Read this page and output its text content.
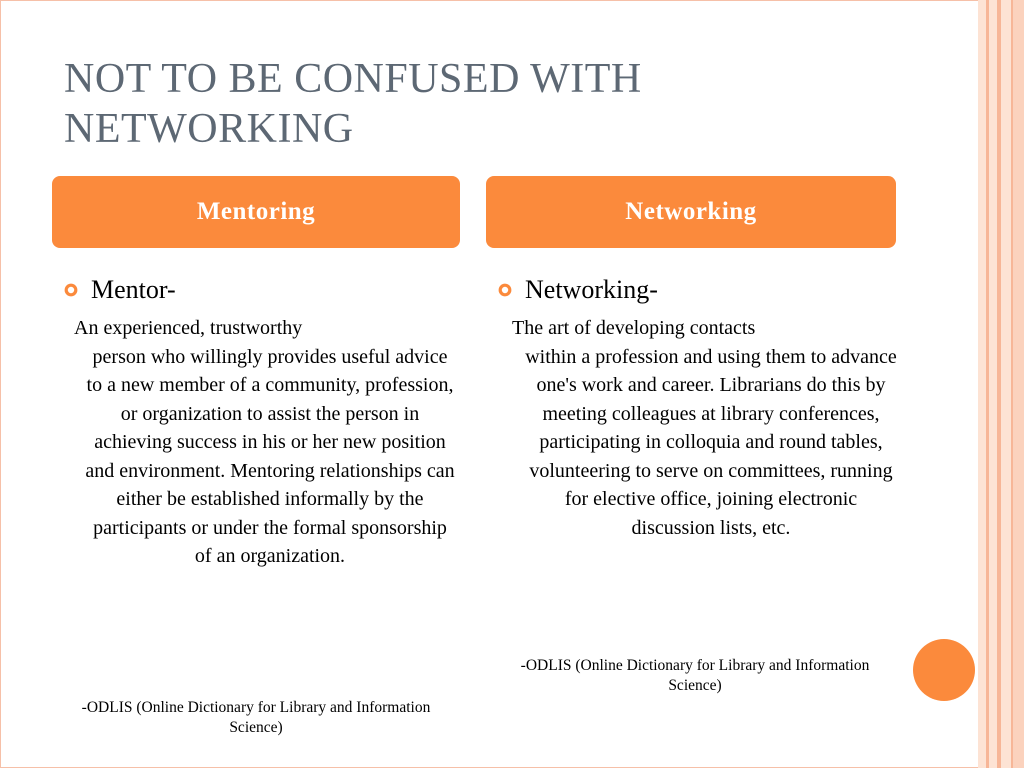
NOT TO BE CONFUSED WITH NETWORKING
Mentoring	Networking
Mentor-	Networking-

An experienced, trustworthy
person who willingly provides useful advice to a new member of a community, profession, or organization to assist the person in achieving success in his or her new position and environment. Mentoring relationships can either be established informally by the participants or under the formal sponsorship of an organization.

The art of developing contacts
within a profession and using them to advance one's work and career. Librarians do this by meeting colleagues at library conferences, participating in colloquia and round tables, volunteering to serve on committees, running for elective office, joining electronic discussion lists, etc.

-ODLIS (Online Dictionary for Library and Information Science)

-ODLIS (Online Dictionary for Library and Information Science)
